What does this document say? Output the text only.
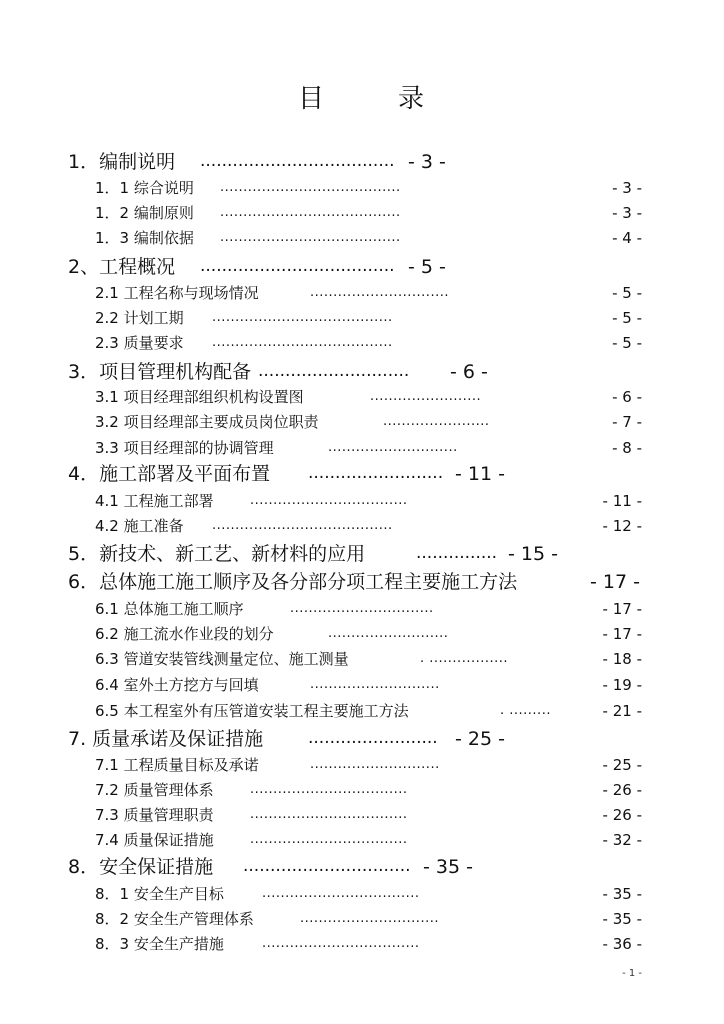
目	录
1．编制说明 .................................... - 3 -
1．1 综合说明 .......................................	- 3 -
1．2 编制原则 .......................................	- 3 -
1．3 编制依据 .......................................	- 4 -
2、工程概况 .................................... - 5 -
2.1 工程名称与现场情况	..............................	- 5 -
2.2 计划工期 .......................................	- 5 -
2.3 质量要求 .......................................	- 5 -
3．项目管理机构配备 ............................ - 6 -
3.1 项目经理部组织机构设置图	........................	- 6 -
3.2 项目经理部主要成员岗位职责	.......................	- 7 -
3.3 项目经理部的协调管理	............................	- 8 -
4．施工部署及平面布置 ......................... - 11 -
4.1 工程施工部署	..................................	- 11 -
4.2 施工准备 .......................................	- 12 -
5．新技术、新工艺、新材料的应用	............... - 15 -
6．总体施工施工顺序及各分部分项工程主要施工方法	- 17 -
6.1 总体施工施工顺序	...............................	- 17 -
6.2 施工流水作业段的划分	..........................	- 17 -
6.3 管道安装管线测量定位、施工测量	. .................	- 18 -
6.4 室外土方挖方与回填	............................	- 19 -
6.5 本工程室外有压管道安装工程主要施工方法	. .........	- 21 -
7. 质量承诺及保证措施	........................ - 25 -
7.1 工程质量目标及承诺	............................	- 25 -
7.2 质量管理体系	..................................	- 26 -
7.3 质量管理职责	..................................	- 26 -
7.4 质量保证措施	..................................	- 32 -
8．安全保证措施 ............................... - 35 -
8．1 安全生产目标	..................................	- 35 -
8．2 安全生产管理体系	..............................	- 35 -
8．3 安全生产措施	..................................	- 36 -
- 1 -
